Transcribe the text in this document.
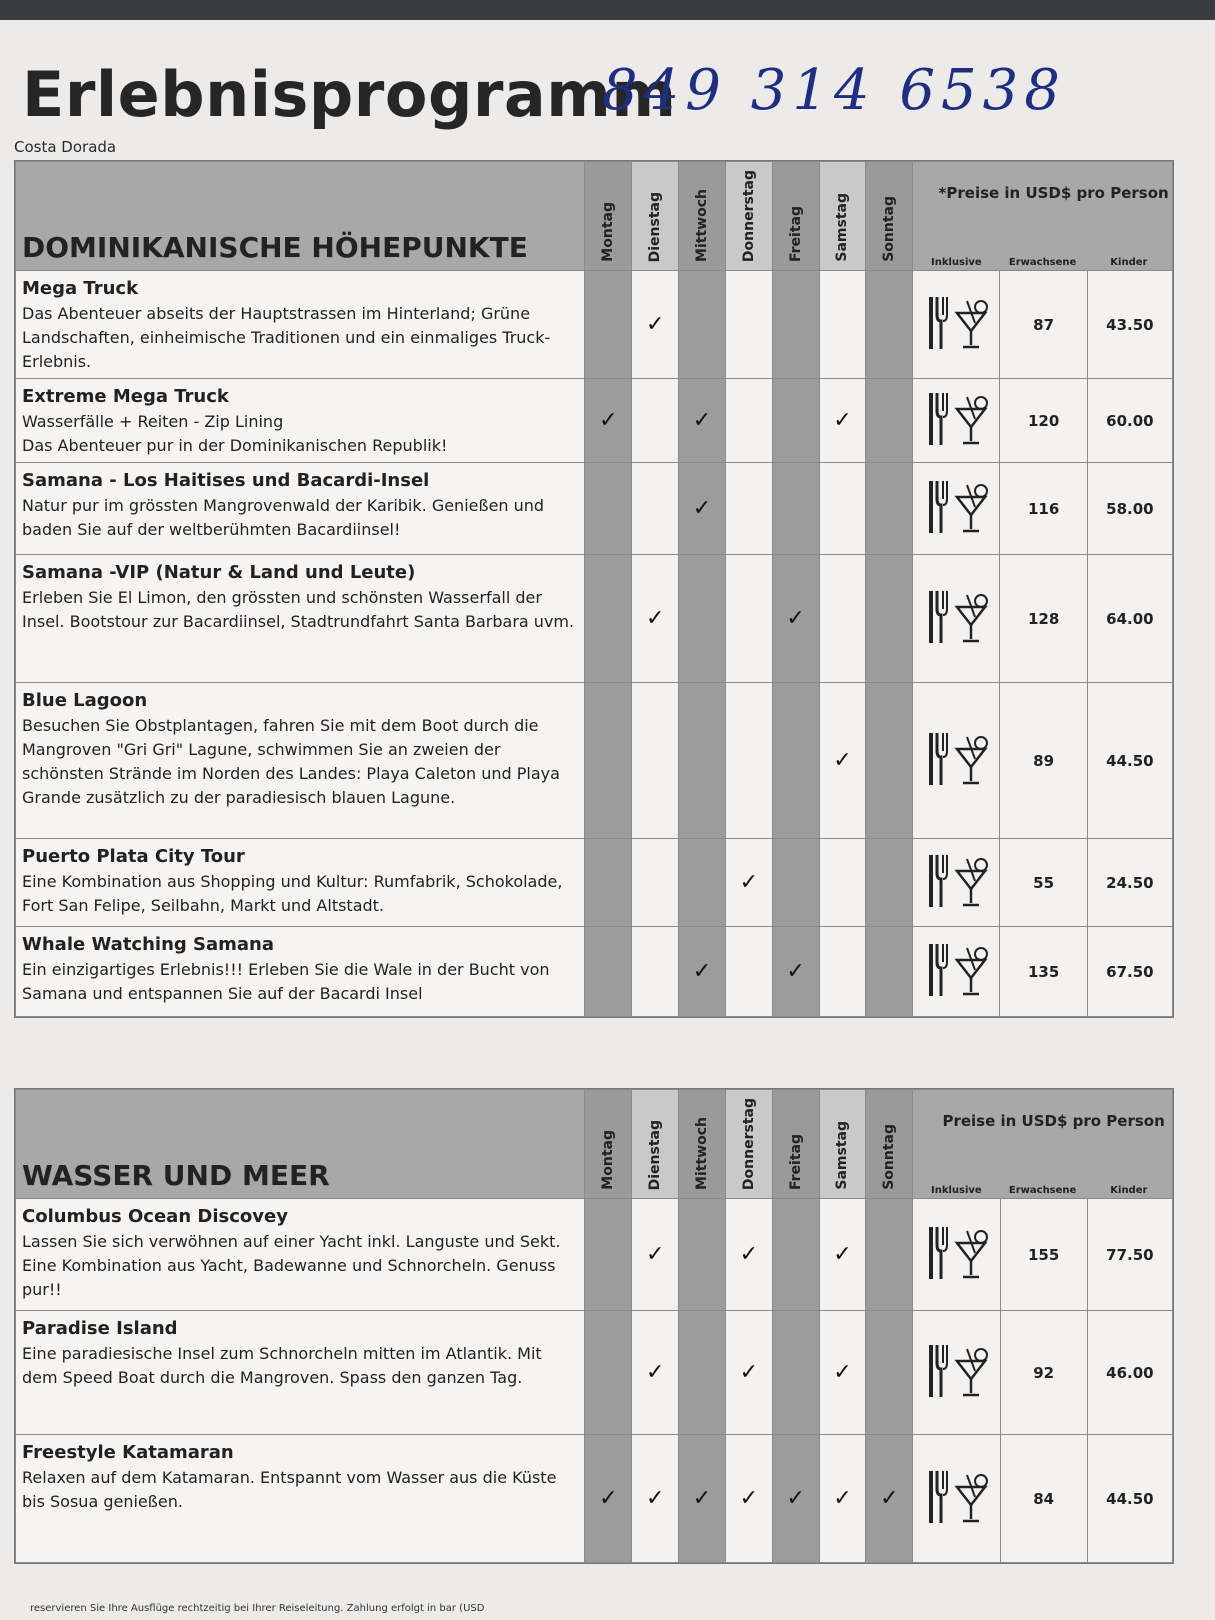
Erlebnisprogramm
849 314 6538
Costa Dorada
DOMINIKANISCHE HÖHEPUNKTE	Montag	Dienstag	Mittwoch	Donnerstag	Freitag	Samstag	Sonntag	*Preise in USD$ pro Person
Inklusive Erwachsene Kinder		

Mega Truck
Das Abenteuer abseits der Hauptstrassen im Hinterland; Grüne Landschaften, einheimische Traditionen und ein einmaliges Truck-Erlebnis.		✓							87	43.50

Extreme Mega Truck
Wasserfälle + Reiten - Zip Lining
Das Abenteuer pur in der Dominikanischen Republik!	✓		✓			✓			120	60.00

Samana - Los Haitises und Bacardi-Insel
Natur pur im grössten Mangrovenwald der Karibik. Genießen und baden Sie auf der weltberühmten Bacardiinsel!			✓						116	58.00

Samana -VIP (Natur & Land und Leute)
Erleben Sie El Limon, den grössten und schönsten Wasserfall der Insel. Bootstour zur Bacardiinsel, Stadtrundfahrt Santa Barbara uvm.		✓			✓				128	64.00

Blue Lagoon
Besuchen Sie Obstplantagen, fahren Sie mit dem Boot durch die Mangroven "Gri Gri" Lagune, schwimmen Sie an zweien der schönsten Strände im Norden des Landes: Playa Caleton und Playa Grande zusätzlich zu der paradiesisch blauen Lagune.						✓			89	44.50

Puerto Plata City Tour
Eine Kombination aus Shopping und Kultur: Rumfabrik, Schokolade, Fort San Felipe, Seilbahn, Markt und Altstadt.				✓					55	24.50

Whale Watching Samana
Ein einzigartiges Erlebnis!!! Erleben Sie die Wale in der Bucht von Samana und entspannen Sie auf der Bacardi Insel			✓		✓				135	67.50
WASSER UND MEER	Montag	Dienstag	Mittwoch	Donnerstag	Freitag	Samstag	Sonntag	Preise in USD$ pro Person
Inklusive Erwachsene Kinder		

Columbus Ocean Discovey
Lassen Sie sich verwöhnen auf einer Yacht inkl. Languste und Sekt. Eine Kombination aus Yacht, Badewanne und Schnorcheln. Genuss pur!!		✓		✓		✓			155	77.50

Paradise Island
Eine paradiesische Insel zum Schnorcheln mitten im Atlantik. Mit dem Speed Boat durch die Mangroven. Spass den ganzen Tag.		✓		✓		✓			92	46.00

Freestyle Katamaran
Relaxen auf dem Katamaran. Entspannt vom Wasser aus die Küste bis Sosua genießen.	✓	✓	✓	✓	✓	✓	✓		84	44.50
reservieren Sie Ihre Ausflüge rechtzeitig bei Ihrer Reiseleitung. Zahlung erfolgt in bar (USD
